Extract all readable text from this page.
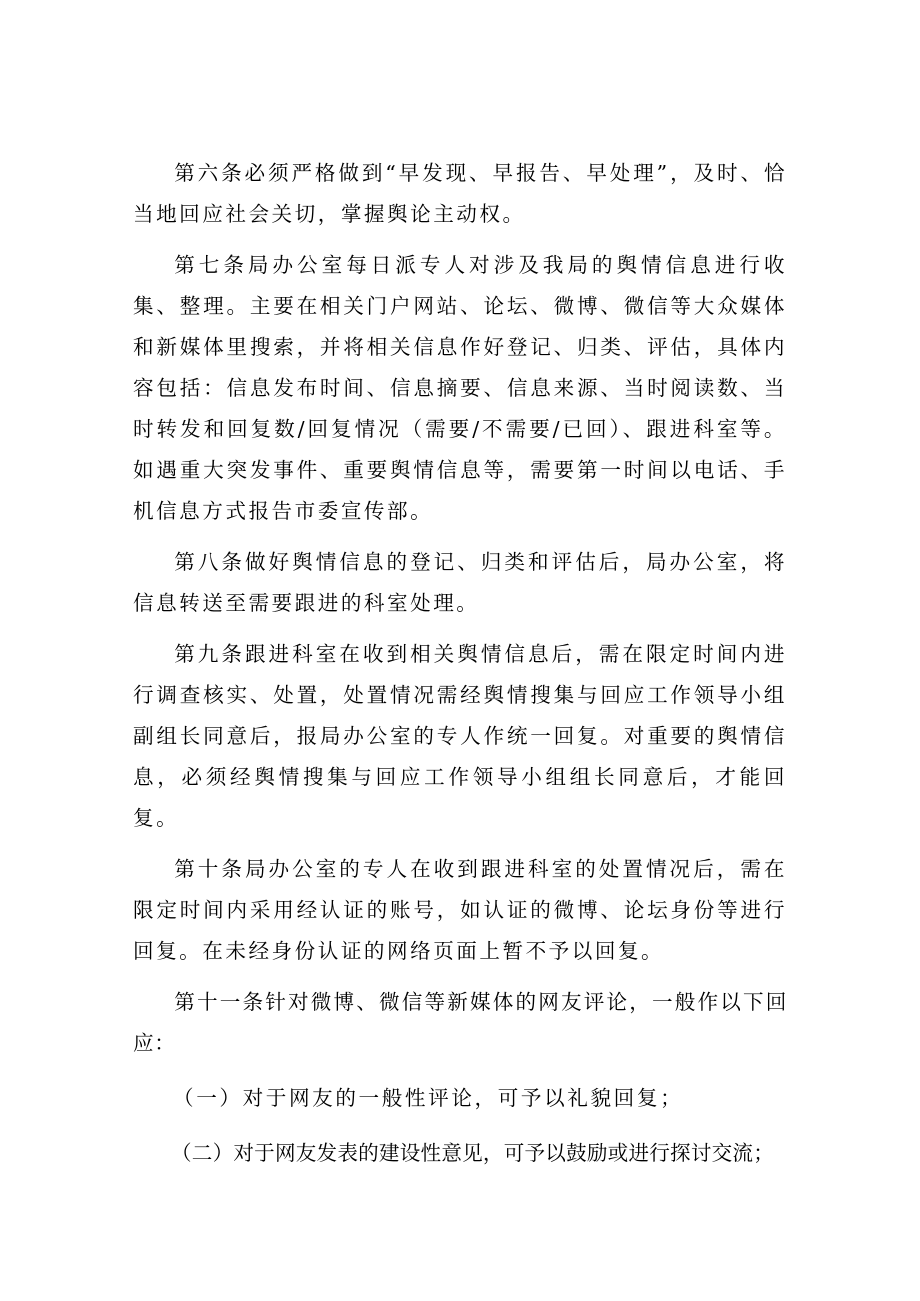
第六条必须严格做到“早发现、早报告、早处理”，及时、恰当地回应社会关切，掌握舆论主动权。

第七条局办公室每日派专人对涉及我局的舆情信息进行收集、整理。主要在相关门户网站、论坛、微博、微信等大众媒体和新媒体里搜索，并将相关信息作好登记、归类、评估，具体内容包括：信息发布时间、信息摘要、信息来源、当时阅读数、当时转发和回复数/回复情况（需要/不需要/已回）、跟进科室等。如遇重大突发事件、重要舆情信息等，需要第一时间以电话、手机信息方式报告市委宣传部。

第八条做好舆情信息的登记、归类和评估后，局办公室，将信息转送至需要跟进的科室处理。

第九条跟进科室在收到相关舆情信息后，需在限定时间内进行调查核实、处置，处置情况需经舆情搜集与回应工作领导小组副组长同意后，报局办公室的专人作统一回复。对重要的舆情信息，必须经舆情搜集与回应工作领导小组组长同意后，才能回复。

第十条局办公室的专人在收到跟进科室的处置情况后，需在限定时间内采用经认证的账号，如认证的微博、论坛身份等进行回复。在未经身份认证的网络页面上暂不予以回复。

第十一条针对微博、微信等新媒体的网友评论，一般作以下回应：

（一）对于网友的一般性评论，可予以礼貌回复；

（二）对于网友发表的建设性意见，可予以鼓励或进行探讨交流；
